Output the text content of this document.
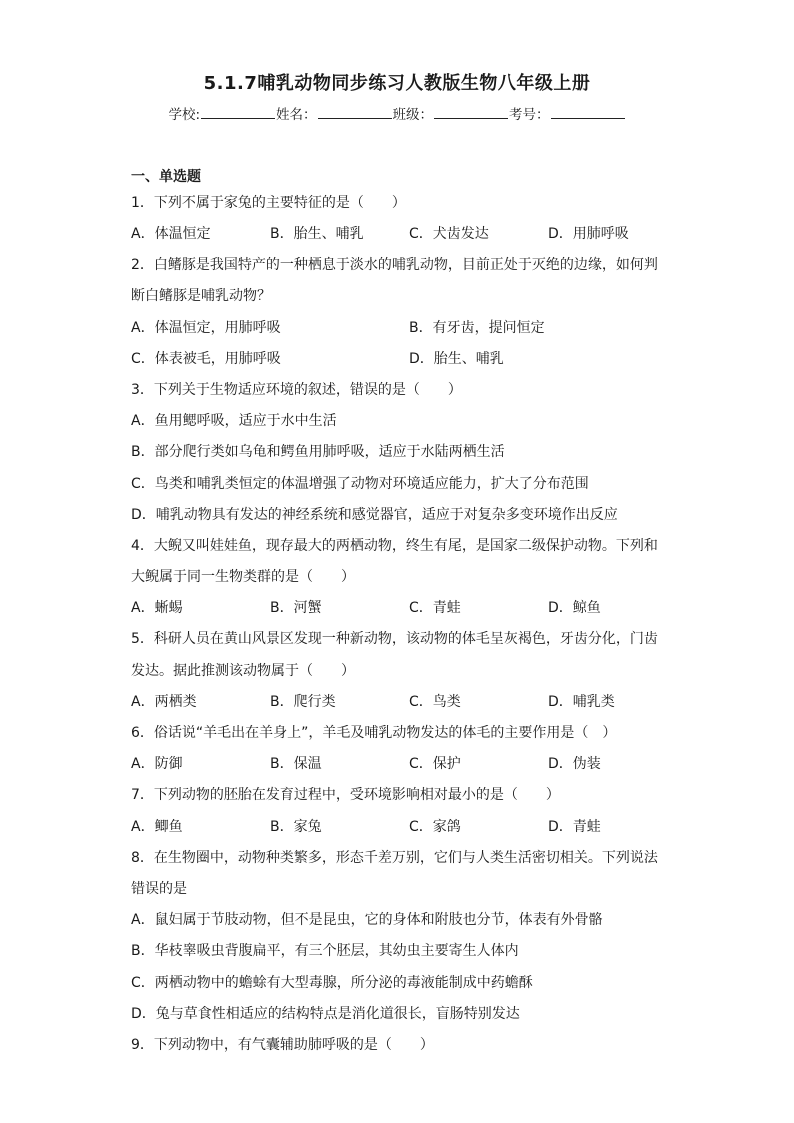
5.1.7哺乳动物同步练习人教版生物八年级上册
学校:	姓名：	班级：	考号：
一、单选题
1．下列不属于家兔的主要特征的是（　　）
A．体温恒定	B．胎生、哺乳	C．犬齿发达	D．用肺呼吸
2．白鳍豚是我国特产的一种栖息于淡水的哺乳动物，目前正处于灭绝的边缘，如何判
断白鳍豚是哺乳动物？
A．体温恒定，用肺呼吸	B．有牙齿，提问恒定
C．体表被毛，用肺呼吸	D．胎生、哺乳
3．下列关于生物适应环境的叙述，错误的是（　　）
A．鱼用鳃呼吸，适应于水中生活
B．部分爬行类如乌龟和鳄鱼用肺呼吸，适应于水陆两栖生活
C．鸟类和哺乳类恒定的体温增强了动物对环境适应能力，扩大了分布范围
D．哺乳动物具有发达的神经系统和感觉器官，适应于对复杂多变环境作出反应
4．大鲵又叫娃娃鱼，现存最大的两栖动物，终生有尾，是国家二级保护动物。下列和
大鲵属于同一生物类群的是（　　）
A．蜥蜴	B．河蟹	C．青蛙	D．鲸鱼
5．科研人员在黄山风景区发现一种新动物，该动物的体毛呈灰褐色，牙齿分化，门齿
发达。据此推测该动物属于（　　）
A．两栖类	B．爬行类	C．鸟类	D．哺乳类
6．俗话说“羊毛出在羊身上”，羊毛及哺乳动物发达的体毛的主要作用是（　）
A．防御	B．保温	C．保护	D．伪装
7．下列动物的胚胎在发育过程中，受环境影响相对最小的是（　　）
A．鲫鱼	B．家兔	C．家鸽	D．青蛙
8．在生物圈中，动物种类繁多，形态千差万别，它们与人类生活密切相关。下列说法
错误的是
A．鼠妇属于节肢动物，但不是昆虫，它的身体和附肢也分节，体表有外骨骼
B．华枝睾吸虫背腹扁平，有三个胚层，其幼虫主要寄生人体内
C．两栖动物中的蟾蜍有大型毒腺，所分泌的毒液能制成中药蟾酥
D．兔与草食性相适应的结构特点是消化道很长，盲肠特别发达
9．下列动物中，有气囊辅助肺呼吸的是（　　）
